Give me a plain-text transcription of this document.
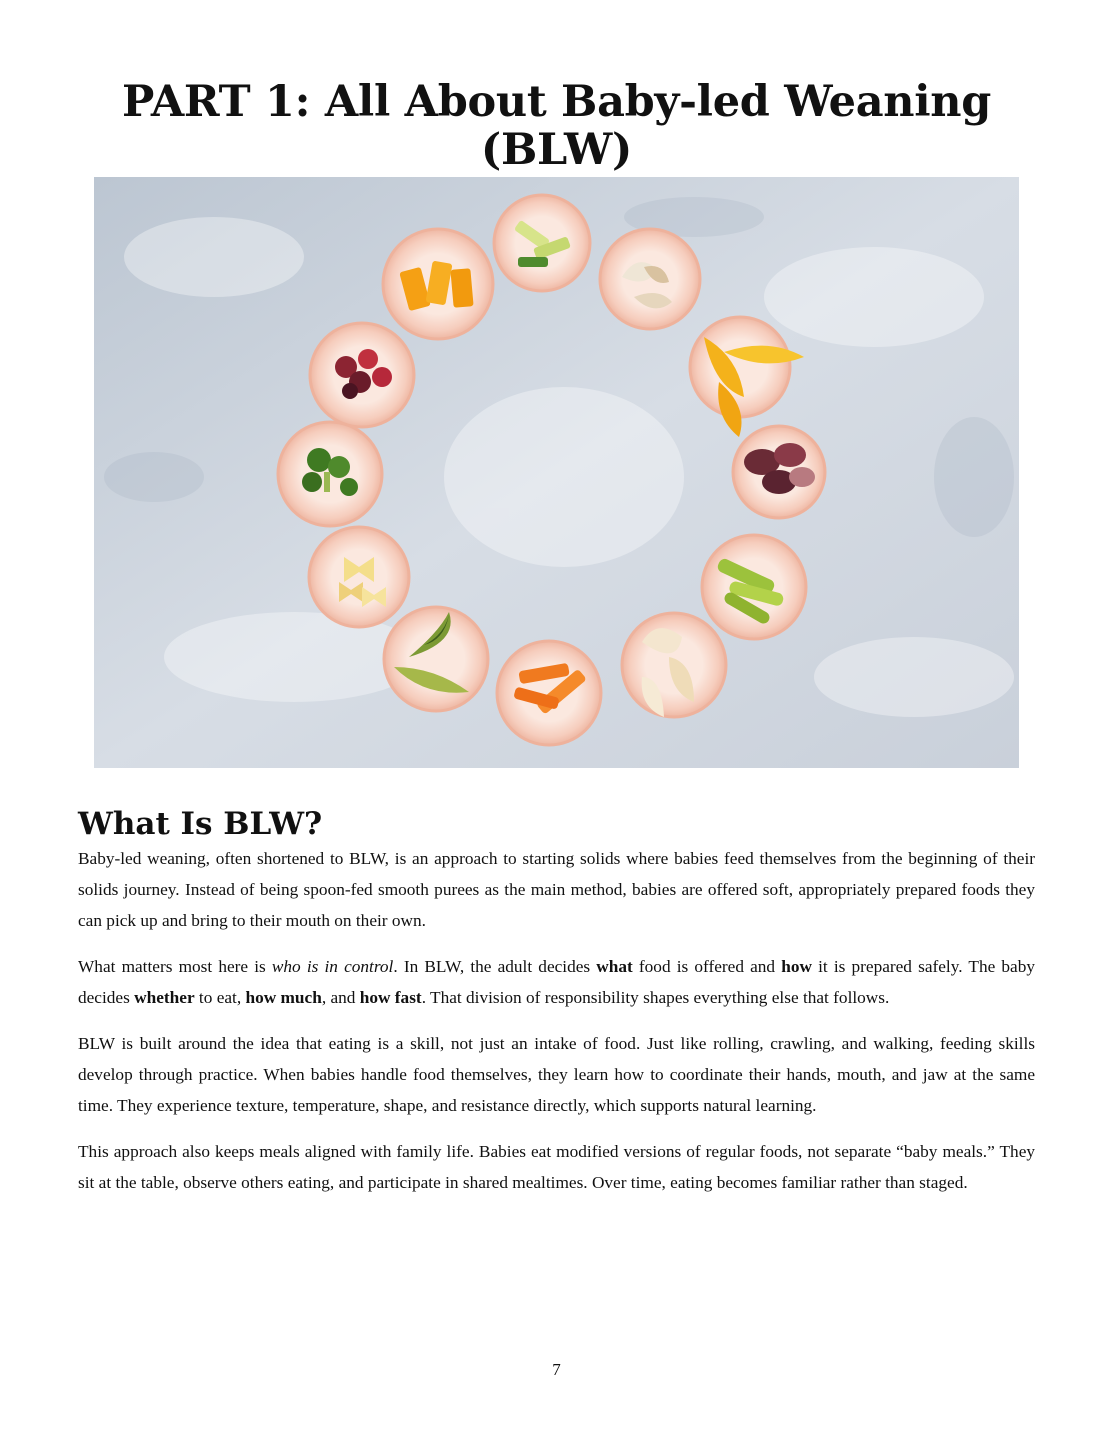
PART 1: All About Baby-led Weaning
(BLW)
What Is BLW?

Baby-led weaning, often shortened to BLW, is an approach to starting solids where babies feed themselves from the beginning of their solids journey. Instead of being spoon-fed smooth purees as the main method, babies are offered soft, appropriately prepared foods they can pick up and bring to their mouth on their own.

What matters most here is who is in control. In BLW, the adult decides what food is offered and how it is prepared safely. The baby decides whether to eat, how much, and how fast. That division of responsibility shapes everything else that follows.

BLW is built around the idea that eating is a skill, not just an intake of food. Just like rolling, crawling, and walking, feeding skills develop through practice. When babies handle food themselves, they learn how to coordinate their hands, mouth, and jaw at the same time. They experience texture, temperature, shape, and resistance directly, which supports natural learning.

This approach also keeps meals aligned with family life. Babies eat modified versions of regular foods, not separate “baby meals.” They sit at the table, observe others eating, and participate in shared mealtimes. Over time, eating becomes familiar rather than staged.

7
